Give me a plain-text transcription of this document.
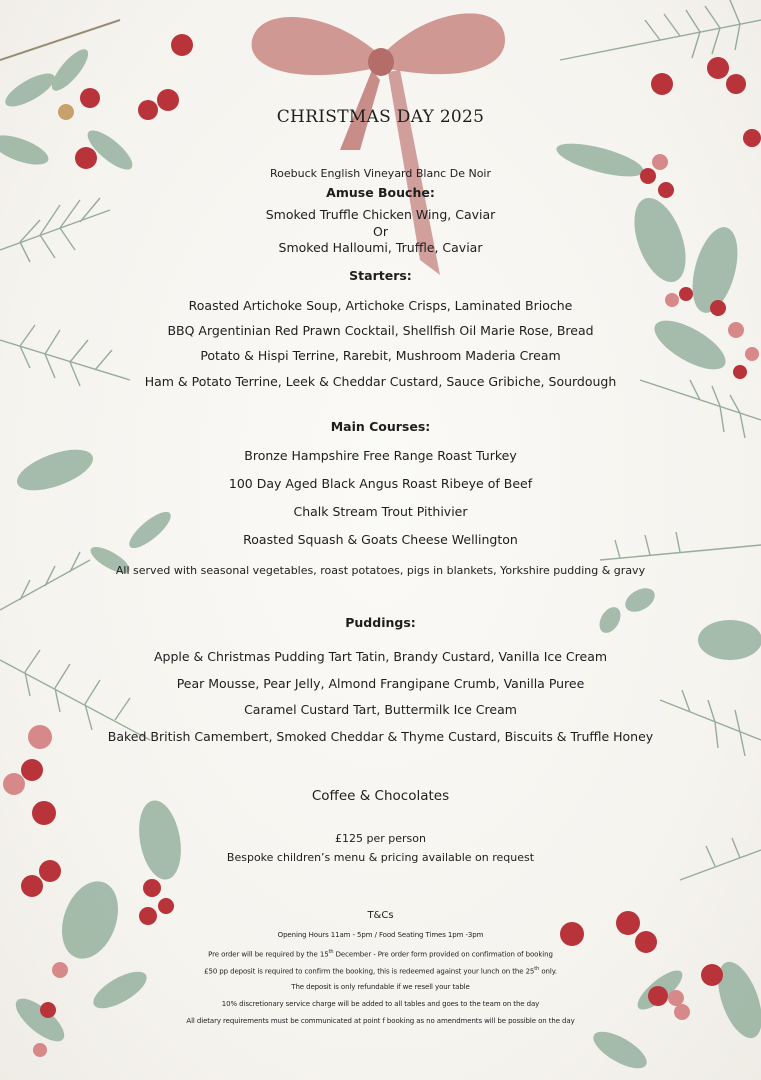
CHRISTMAS DAY 2025
Roebuck English Vineyard Blanc De Noir
Amuse Bouche:
Smoked Truffle Chicken Wing, Caviar
Or
Smoked Halloumi, Truffle, Caviar
Starters:
Roasted Artichoke Soup, Artichoke Crisps, Laminated Brioche
BBQ Argentinian Red Prawn Cocktail, Shellfish Oil Marie Rose, Bread
Potato & Hispi Terrine, Rarebit, Mushroom Maderia Cream
Ham & Potato Terrine, Leek & Cheddar Custard, Sauce Gribiche, Sourdough
Main Courses:
Bronze Hampshire Free Range Roast Turkey
100 Day Aged Black Angus Roast Ribeye of Beef
Chalk Stream Trout Pithivier
Roasted Squash & Goats Cheese Wellington
All served with seasonal vegetables, roast potatoes, pigs in blankets, Yorkshire pudding & gravy
Puddings:
Apple & Christmas Pudding Tart Tatin, Brandy Custard, Vanilla Ice Cream
Pear Mousse, Pear Jelly, Almond Frangipane Crumb, Vanilla Puree
Caramel Custard Tart, Buttermilk Ice Cream
Baked British Camembert, Smoked Cheddar & Thyme Custard, Biscuits & Truffle Honey
Coffee & Chocolates
£125 per person
Bespoke children’s menu & pricing available on request
T&Cs
Opening Hours 11am - 5pm / Food Seating Times 1pm -3pm
Pre order will be required by the 15th December - Pre order form provided on confirmation of booking
£50 pp deposit is required to confirm the booking, this is redeemed against your lunch on the 25th only.
The deposit is only refundable if we resell your table
10% discretionary service charge will be added to all tables and goes to the team on the day
All dietary requirements must be communicated at point f booking as no amendments will be possible on the day
